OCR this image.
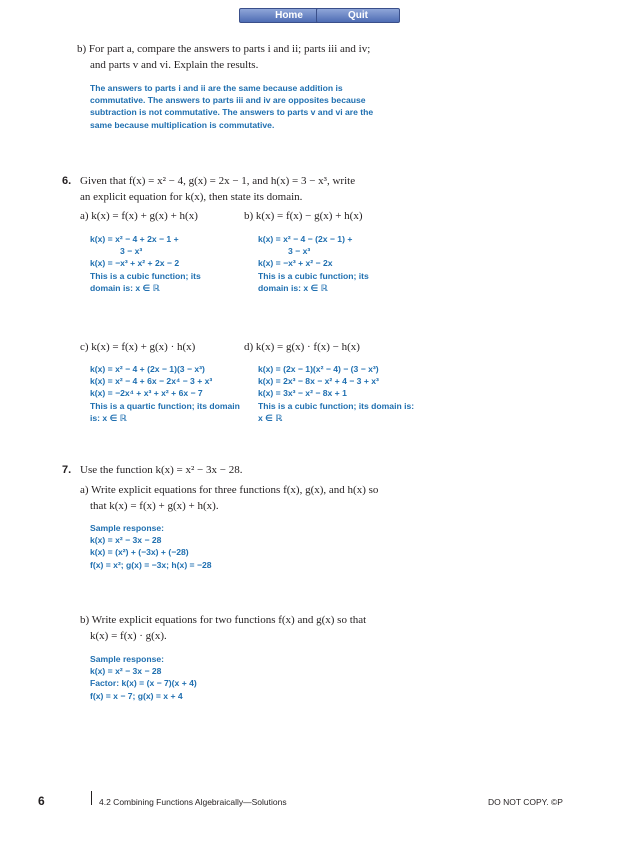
Home	Quit
b) For part a, compare the answers to parts i and ii; parts iii and iv;
and parts v and vi. Explain the results.
The answers to parts i and ii are the same because addition is
commutative. The answers to parts iii and iv are opposites because
subtraction is not commutative. The answers to parts v and vi are the
same because multiplication is commutative.
6. Given that f(x) = x² − 4, g(x) = 2x − 1, and h(x) = 3 − x³, write
an explicit equation for k(x), then state its domain.
a) k(x) = f(x) + g(x) + h(x)	b) k(x) = f(x) − g(x) + h(x)
k(x) = x² − 4 + 2x − 1 +
3 − x³
k(x) = −x³ + x² + 2x − 2
This is a cubic function; its
domain is: x ∈ ℝ
k(x) = x² − 4 − (2x − 1) +
3 − x³
k(x) = −x³ + x² − 2x
This is a cubic function; its
domain is: x ∈ ℝ
c) k(x) = f(x) + g(x) · h(x)	d) k(x) = g(x) · f(x) − h(x)
k(x) = x² − 4 + (2x − 1)(3 − x³)
k(x) = x² − 4 + 6x − 2x⁴ − 3 + x³
k(x) = −2x⁴ + x³ + x² + 6x − 7
This is a quartic function; its domain
is: x ∈ ℝ
k(x) = (2x − 1)(x² − 4) − (3 − x³)
k(x) = 2x³ − 8x − x² + 4 − 3 + x³
k(x) = 3x³ − x² − 8x + 1
This is a cubic function; its domain is:
x ∈ ℝ
7. Use the function k(x) = x² − 3x − 28.
a) Write explicit equations for three functions f(x), g(x), and h(x) so
that k(x) = f(x) + g(x) + h(x).
Sample response:
k(x) = x² − 3x − 28
k(x) = (x²) + (−3x) + (−28)
f(x) = x²; g(x) = −3x; h(x) = −28
b) Write explicit equations for two functions f(x) and g(x) so that
k(x) = f(x) · g(x).
Sample response:
k(x) = x² − 3x − 28
Factor: k(x) = (x − 7)(x + 4)
f(x) = x − 7; g(x) = x + 4
6	4.2 Combining Functions Algebraically—Solutions	DO NOT COPY. ©P
